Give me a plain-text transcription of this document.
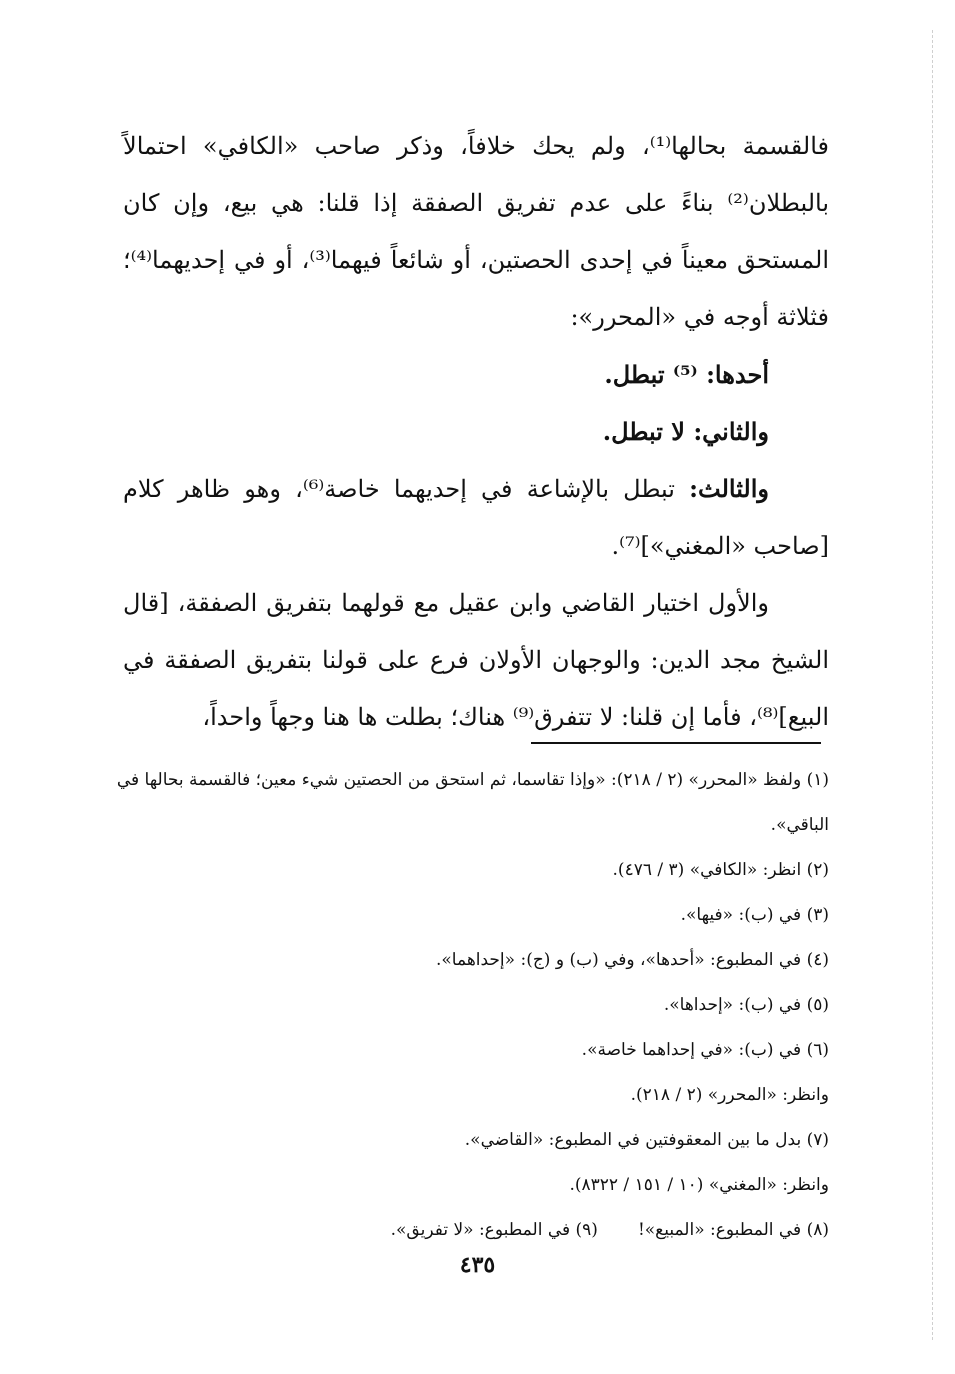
فالقسمة بحالها⁽¹⁾، ولم يحك خلافاً، وذكر صاحب «الكافي» احتمالاً بالبطلان⁽²⁾ بناءً على عدم تفريق الصفقة إذا قلنا: هي بيع، وإن كان المستحق معيناً في إحدى الحصتين، أو شائعاً فيهما⁽³⁾، أو في إحديهما⁽⁴⁾؛ فثلاثة أوجه في «المحرر»:

أحدها: ⁽⁵⁾ تبطل.

والثاني: لا تبطل.

والثالث: تبطل بالإشاعة في إحديهما خاصة⁽⁶⁾، وهو ظاهر كلام [صاحب «المغني»]⁽⁷⁾.

والأول اختيار القاضي وابن عقيل مع قولهما بتفريق الصفقة، [قال الشيخ مجد الدين: والوجهان الأولان فرع على قولنا بتفريق الصفقة في البيع]⁽⁸⁾، فأما إن قلنا: لا تتفرق⁽⁹⁾ هناك؛ بطلت ها هنا وجهاً واحداً،

(١) ولفظ «المحرر» (٢ / ٢١٨): «وإذا تقاسما، ثم استحق من الحصتين شيء معين؛ فالقسمة بحالها في الباقي».
(٢) انظر: «الكافي» (٣ / ٤٧٦).
(٣) في (ب): «فيها».
(٤) في المطبوع: «أحدها»، وفي (ب) و (ج): «إحداهما».
(٥) في (ب): «إحداها».
(٦) في (ب): «في إحداهما خاصة».
وانظر: «المحرر» (٢ / ٢١٨).
(٧) بدل ما بين المعقوفتين في المطبوع: «القاضي».
وانظر: «المغني» (١٠ / ١٥١ / ٨٣٢٢).
(٨) في المطبوع: «المبيع»!(٩) في المطبوع: «لا تفريق».
٤٣٥
